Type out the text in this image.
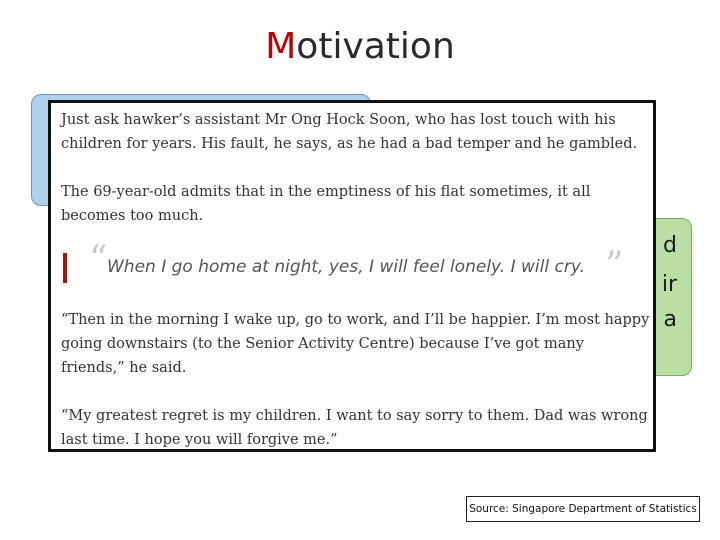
Motivation
d
ir
a

Just ask hawker’s assistant Mr Ong Hock Soon, who has lost touch with his children for years. His fault, he says, as he had a bad temper and he gambled.

The 69-year-old admits that in the emptiness of his flat sometimes, it all becomes too much.

“ When I go home at night, yes, I will feel lonely. I will cry. ”

“Then in the morning I wake up, go to work, and I’ll be happier. I’m most happy going downstairs (to the Senior Activity Centre) because I’ve got many friends,” he said.

“My greatest regret is my children. I want to say sorry to them. Dad was wrong last time. I hope you will forgive me.”

Source: Singapore Department of Statistics
